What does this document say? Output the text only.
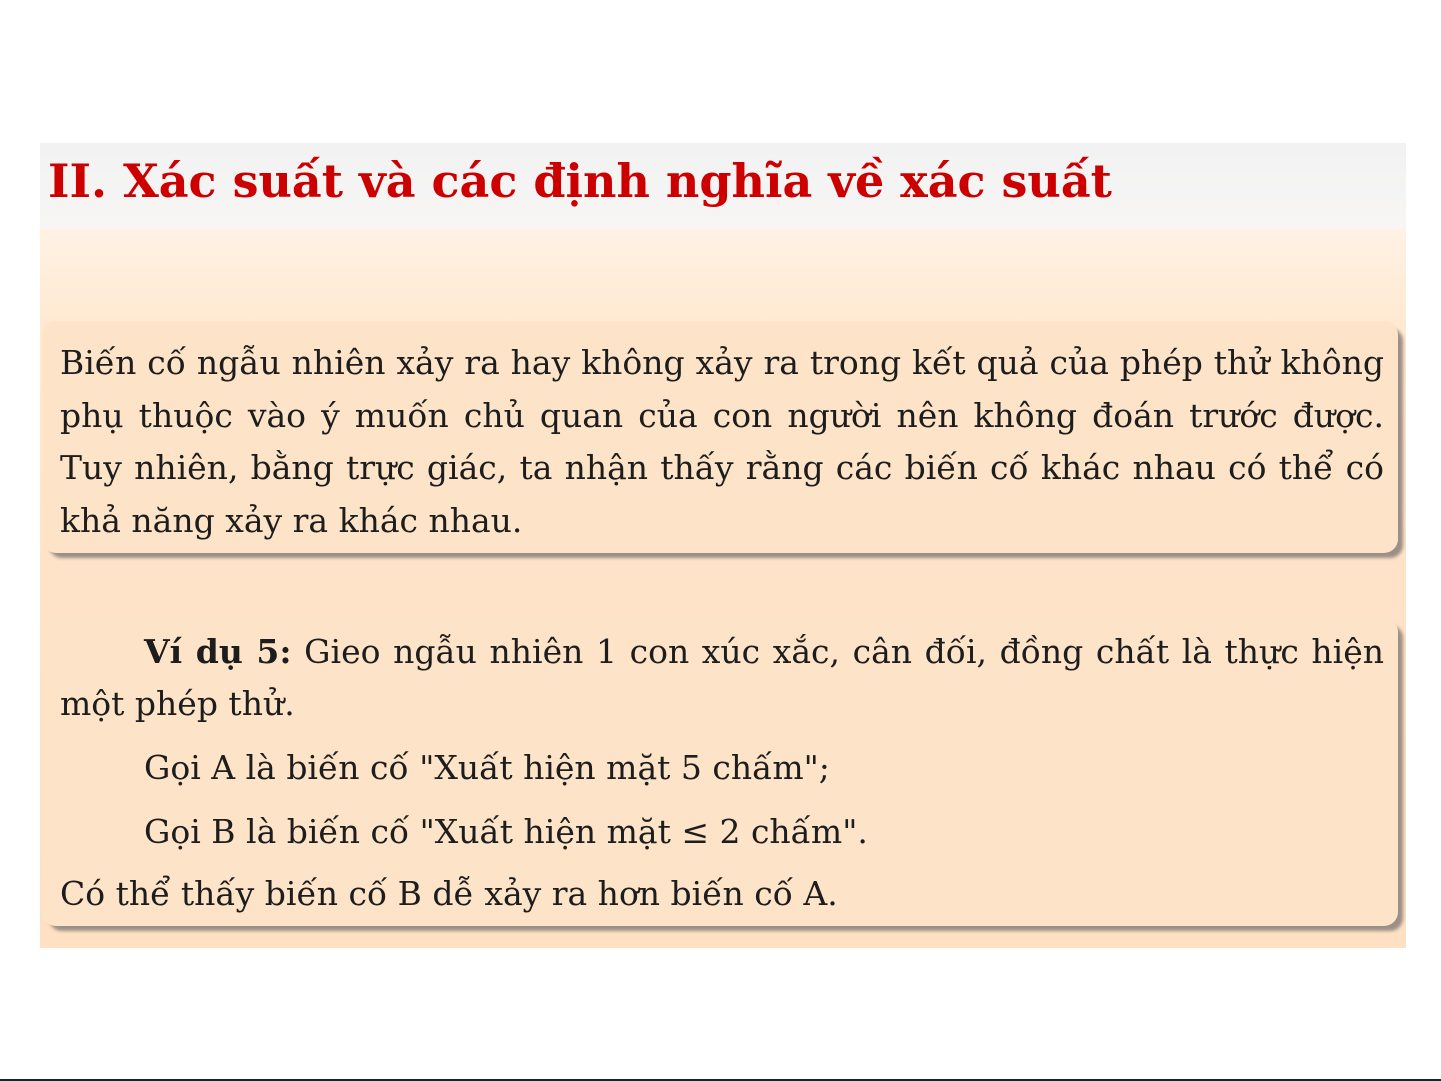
II. Xác suất và các định nghĩa về xác suất

Biến cố ngẫu nhiên xảy ra hay không xảy ra trong kết quả của phép thử không phụ thuộc vào ý muốn chủ quan của con người nên không đoán trước được. Tuy nhiên, bằng trực giác, ta nhận thấy rằng các biến cố khác nhau có thể có khả năng xảy ra khác nhau.

Ví dụ 5: Gieo ngẫu nhiên 1 con xúc xắc, cân đối, đồng chất là thực hiện một phép thử.

Gọi A là biến cố "Xuất hiện mặt 5 chấm";

Gọi B là biến cố "Xuất hiện mặt ≤ 2 chấm".

Có thể thấy biến cố B dễ xảy ra hơn biến cố A.
